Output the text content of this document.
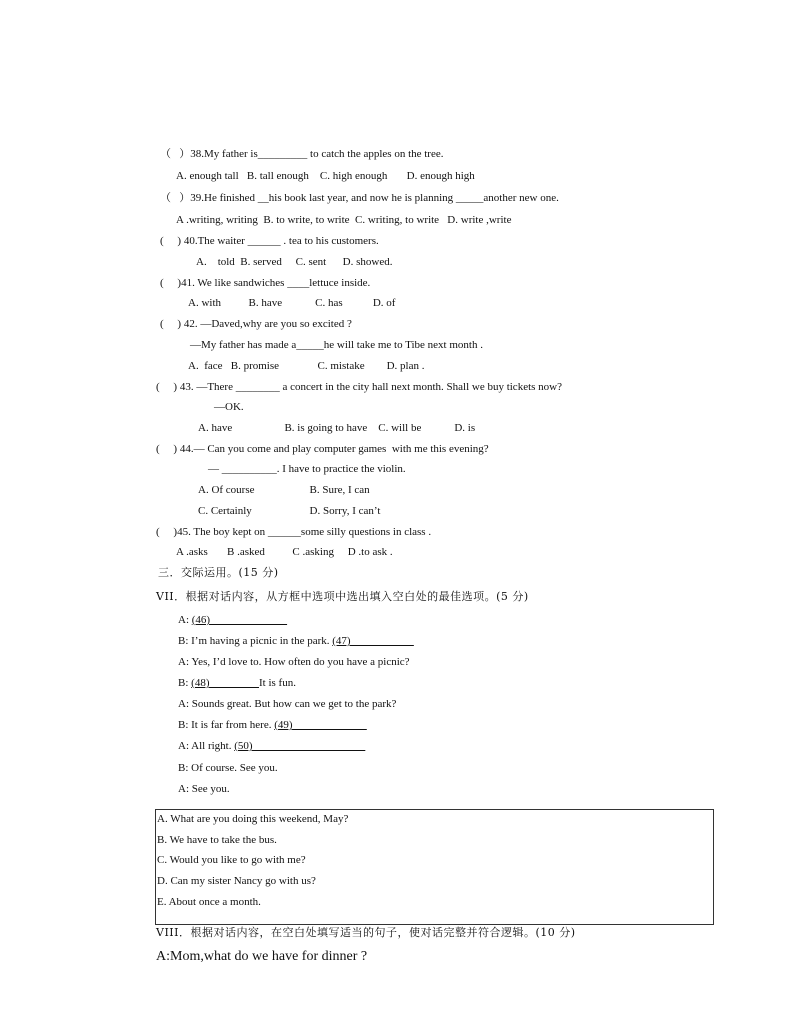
（   ）38.My father is_________ to catch the apples on the tree.
A. enough tall   B. tall enough    C. high enough       D. enough high
（   ）39.He finished __his book last year, and now he is planning _____another new one.
A .writing, writing  B. to write, to write  C. writing, to write   D. write ,write
(     ) 40.The waiter ______ . tea to his customers.
A.    told  B. served     C. sent      D. showed.
(     )41. We like sandwiches ____lettuce inside.
A. with          B. have            C. has           D. of
(     ) 42. —Daved,why are you so excited ?
—My father has made a_____he will take me to Tibe next month .
A.  face   B. promise              C. mistake        D. plan .
(     ) 43. —There ________ a concert in the city hall next month. Shall we buy tickets now?
—OK.
A. have                   B. is going to have    C. will be            D. is
(     ) 44.— Can you come and play computer games  with me this evening?
— __________. I have to practice the violin.
A. Of course                    B. Sure, I can
C. Certainly                     D. Sorry, I can’t
(     )45. The boy kept on ______some silly questions in class .
A .asks       B .asked          C .asking     D .to ask .
三．交际运用。(15 分)
VII．根据对话内容，从方框中选项中选出填入空白处的最佳选项。(5 分)
A: (46)
B: I’m having a picnic in the park. (47)
A: Yes, I’d love to. How often do you have a picnic?
B: (48)                  It is fun.
A: Sounds great. But how can we get to the park?
B: It is far from here. (49)
A: All right. (50)
B: Of course. See you.
A: See you.
A. What are you doing this weekend, May?
B. We have to take the bus.
C. Would you like to go with me?
D. Can my sister Nancy go with us?
E. About once a month.
VIII．根据对话内容，在空白处填写适当的句子，使对话完整并符合逻辑。(10 分)
A:Mom,what do we have for dinner ?
